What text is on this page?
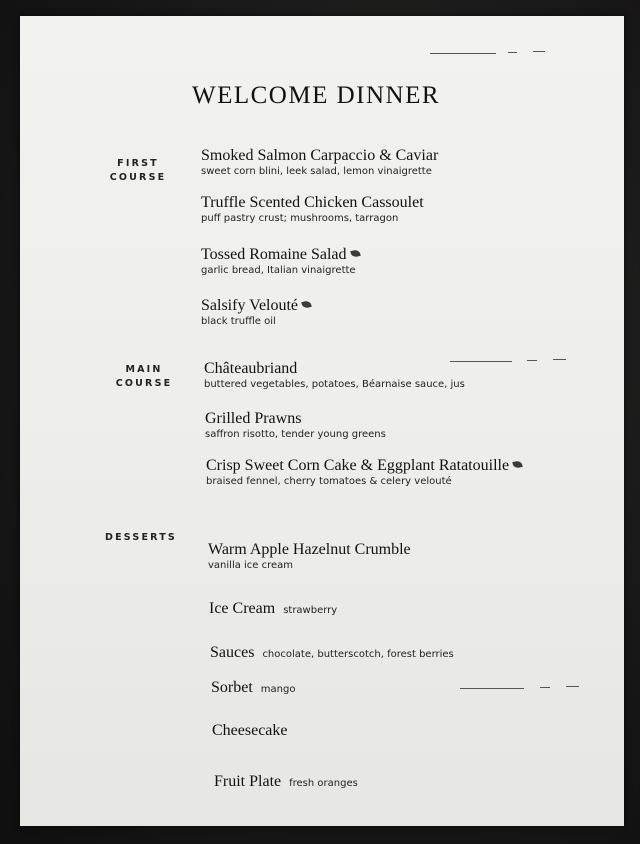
WELCOME DINNER
FIRST
COURSE
Smoked Salmon Carpaccio & Caviar
sweet corn blini, leek salad, lemon vinaigrette
Truffle Scented Chicken Cassoulet
puff pastry crust; mushrooms, tarragon
Tossed Romaine Salad
garlic bread, Italian vinaigrette
Salsify Velouté
black truffle oil
MAIN
COURSE
Châteaubriand
buttered vegetables, potatoes, Béarnaise sauce, jus
Grilled Prawns
saffron risotto, tender young greens
Crisp Sweet Corn Cake & Eggplant Ratatouille
braised fennel, cherry tomatoes & celery velouté
DESSERTS
Warm Apple Hazelnut Crumble
vanilla ice cream
Ice Cream strawberry
Sauces chocolate, butterscotch, forest berries
Sorbet mango
Cheesecake
Fruit Plate fresh oranges
